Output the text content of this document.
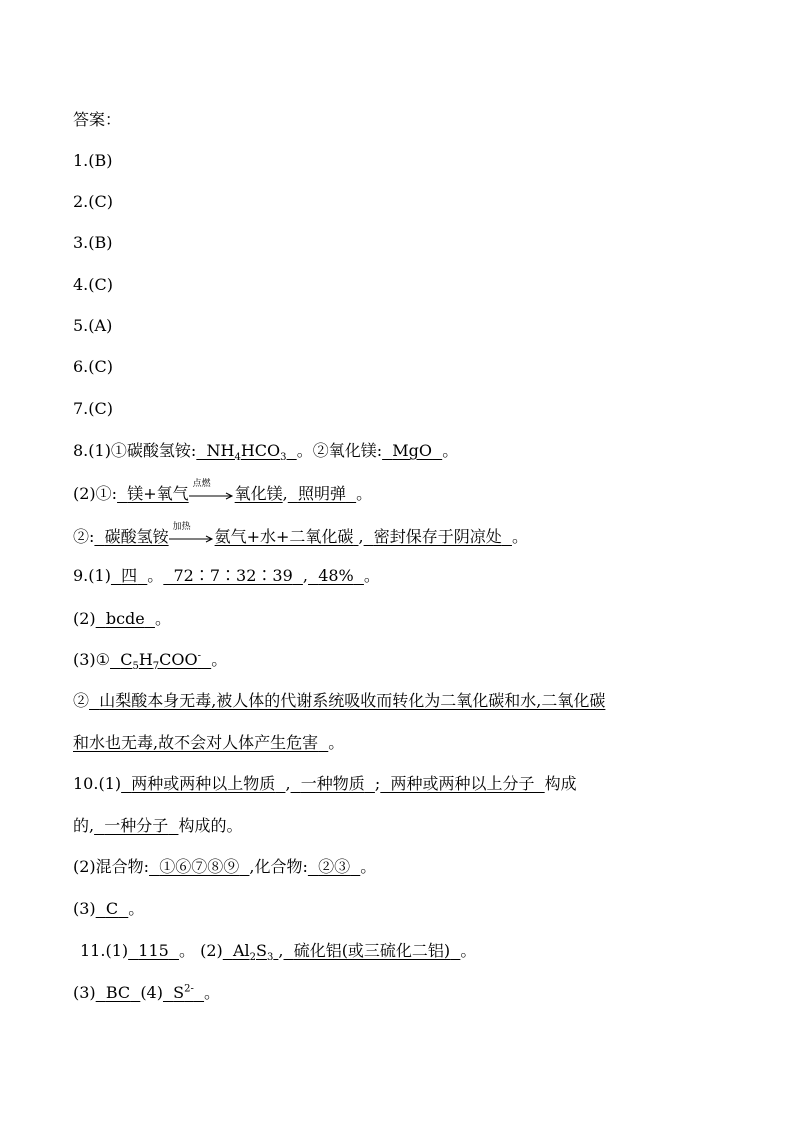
答案：
1.(B)
2.(C)
3.(B)
4.(C)
5.(A)
6.(C)
7.(C)
8.(1)①碳酸氢铵: $NH_4HCO_3$ 。②氧化镁: MgO 。
(2)①: 镁+氧气
点燃
氧化镁, 照明弹 。
②: 碳酸氢铵
加热
氨气+水+二氧化碳 , 密封保存于阴凉处 。
9.(1) 四 。 72∶7∶32∶39 , 48% 。
(2) bcde 。
(3)① $C_5H_7COO^-$ 。
② 山梨酸本身无毒,被人体的代谢系统吸收而转化为二氧化碳和水,二氧化碳
和水也无毒,故不会对人体产生危害 。
10.(1) 两种或两种以上物质 , 一种物质 ; 两种或两种以上分子 构成
的, 一种分子 构成的。
(2)混合物: ①⑥⑦⑧⑨ ,化合物: ②③ 。
(3) C 。
11.(1) 115 。 (2) $Al_2S_3$ , 硫化铝(或三硫化二铝) 。
(3) BC (4) $S^{2-}$ 。
